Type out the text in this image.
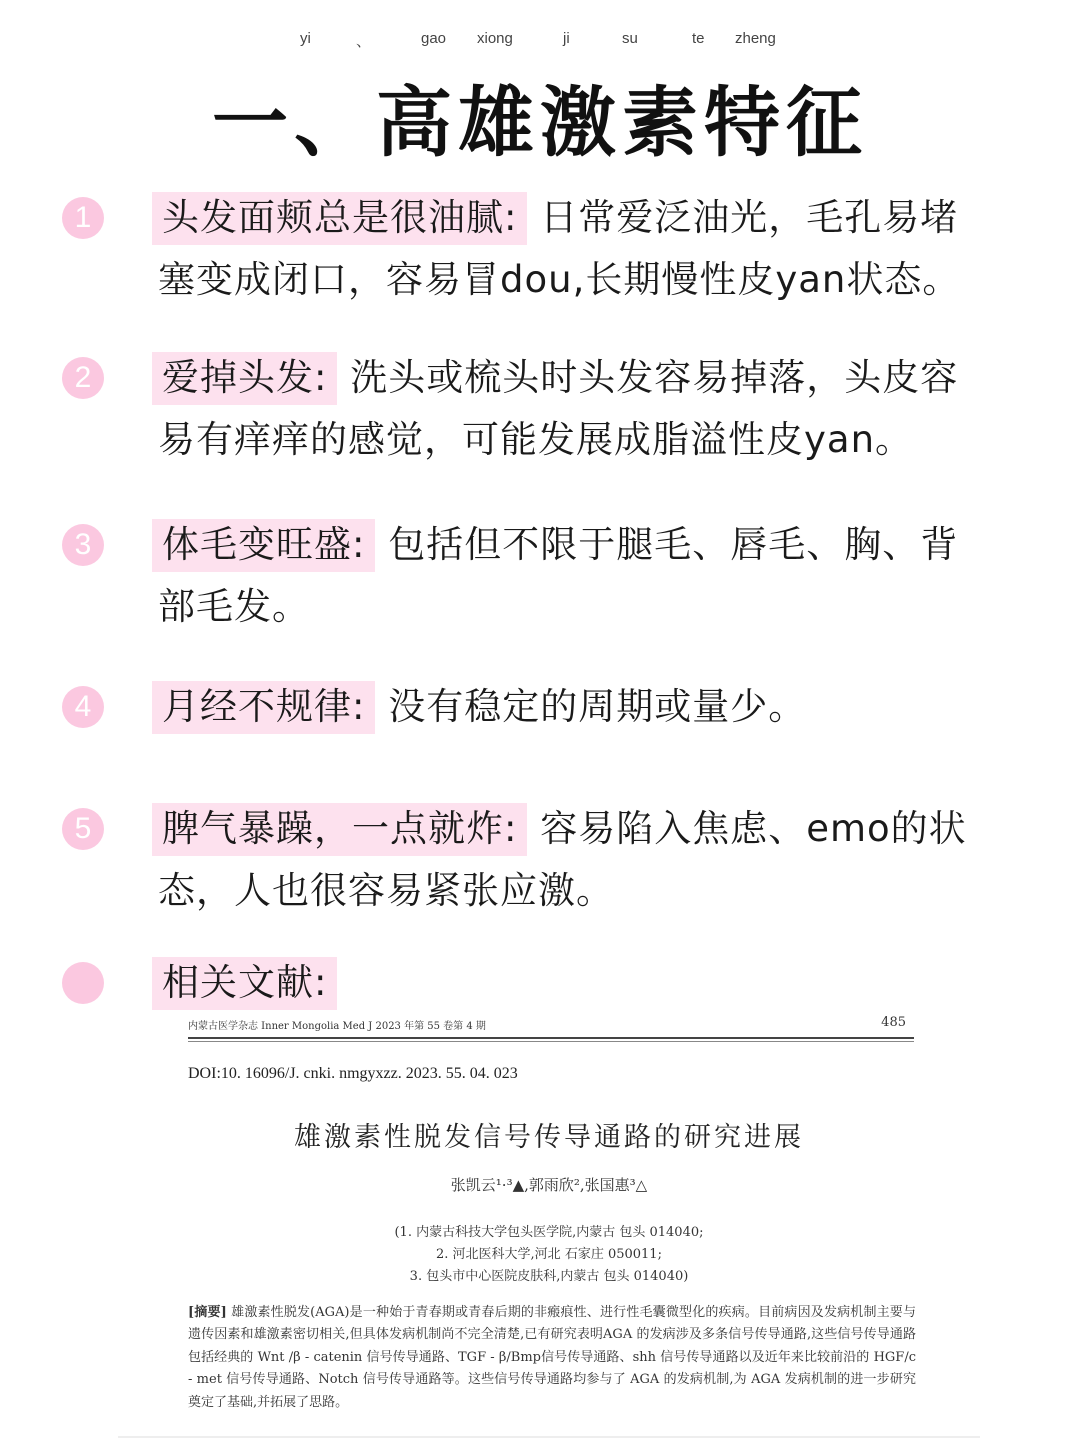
yi	、	gao xiong	ji	su	te zheng
一、高雄激素特征
1	头发面颊总是很油腻: 日常爱泛油光，毛孔易堵塞变成闭口，容易冒dou,长期慢性皮yan状态。
2	爱掉头发: 洗头或梳头时头发容易掉落，头皮容易有痒痒的感觉，可能发展成脂溢性皮yan。
3	体毛变旺盛: 包括但不限于腿毛、唇毛、胸、背部毛发。
4	月经不规律: 没有稳定的周期或量少。
5	脾气暴躁，一点就炸: 容易陷入焦虑、emo的状态，人也很容易紧张应激。
相关文献:
内蒙古医学杂志 Inner Mongolia Med J 2023 年第 55 卷第 4 期	485
DOI:10. 16096/J. cnki. nmgyxzz. 2023. 55. 04. 023
雄激素性脱发信号传导通路的研究进展
张凯云¹·³▲,郭雨欣²,张国惠³△
(1. 内蒙古科技大学包头医学院,内蒙古 包头 014040;
2. 河北医科大学,河北 石家庄 050011;
3. 包头市中心医院皮肤科,内蒙古 包头 014040)
[摘要] 雄激素性脱发(AGA)是一种始于青春期或青春后期的非瘢痕性、进行性毛囊微型化的疾病。目前病因及发病机制主要与遗传因素和雄激素密切相关,但具体发病机制尚不完全清楚,已有研究表明AGA 的发病涉及多条信号传导通路,这些信号传导通路包括经典的 Wnt /β - catenin 信号传导通路、TGF - β/Bmp信号传导通路、shh 信号传导通路以及近年来比较前沿的 HGF/c - met 信号传导通路、Notch 信号传导通路等。这些信号传导通路均参与了 AGA 的发病机制,为 AGA 发病机制的进一步研究奠定了基础,并拓展了思路。
